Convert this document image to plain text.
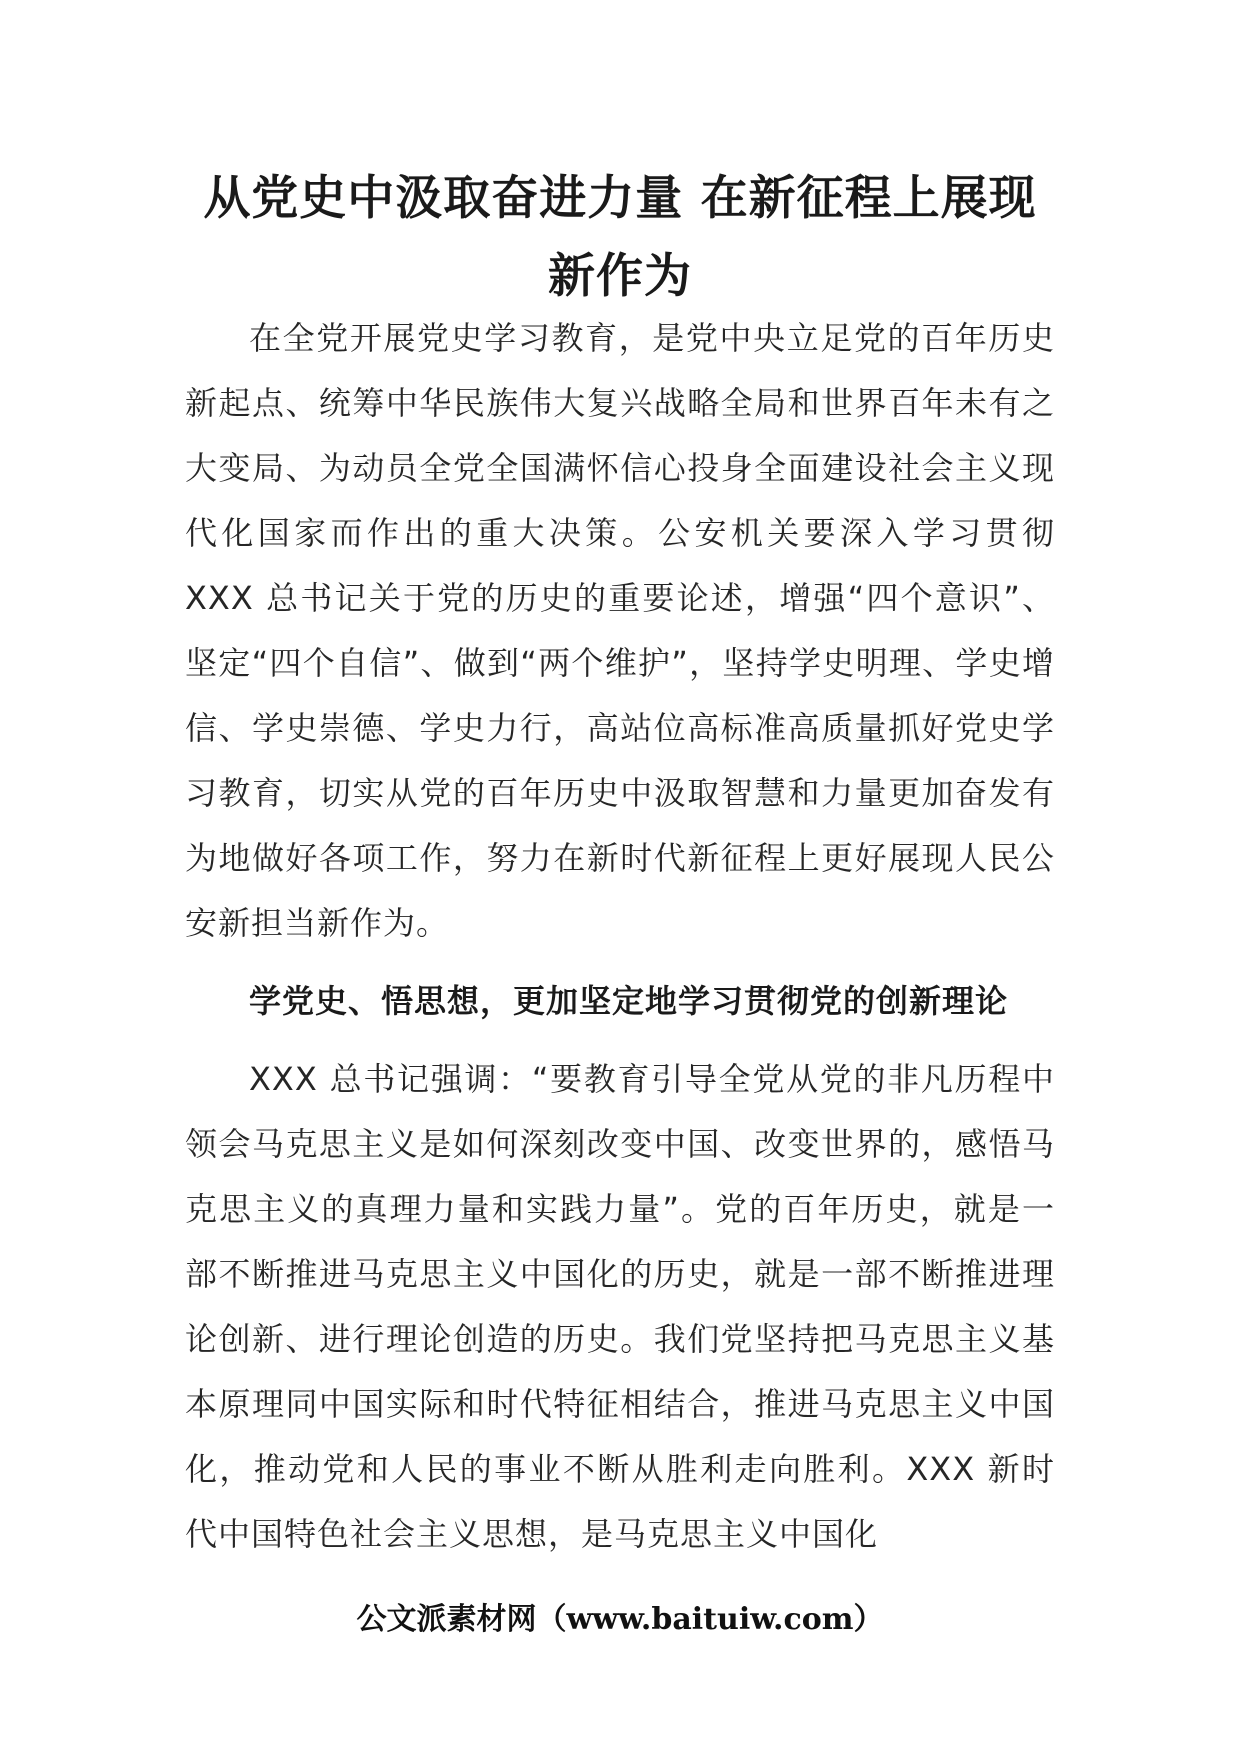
从党史中汲取奋进力量 在新征程上展现新作为

在全党开展党史学习教育，是党中央立足党的百年历史新起点、统筹中华民族伟大复兴战略全局和世界百年未有之大变局、为动员全党全国满怀信心投身全面建设社会主义现代化国家而作出的重大决策。公安机关要深入学习贯彻 XXX 总书记关于党的历史的重要论述，增强“四个意识”、坚定“四个自信”、做到“两个维护”，坚持学史明理、学史增信、学史崇德、学史力行，高站位高标准高质量抓好党史学习教育，切实从党的百年历史中汲取智慧和力量更加奋发有为地做好各项工作，努力在新时代新征程上更好展现人民公安新担当新作为。

学党史、悟思想，更加坚定地学习贯彻党的创新理论

XXX 总书记强调：“要教育引导全党从党的非凡历程中领会马克思主义是如何深刻改变中国、改变世界的，感悟马克思主义的真理力量和实践力量”。党的百年历史，就是一部不断推进马克思主义中国化的历史，就是一部不断推进理论创新、进行理论创造的历史。我们党坚持把马克思主义基本原理同中国实际和时代特征相结合，推进马克思主义中国化，推动党和人民的事业不断从胜利走向胜利。XXX 新时代中国特色社会主义思想，是马克思主义中国化

公文派素材网（www.baituiw.com）
